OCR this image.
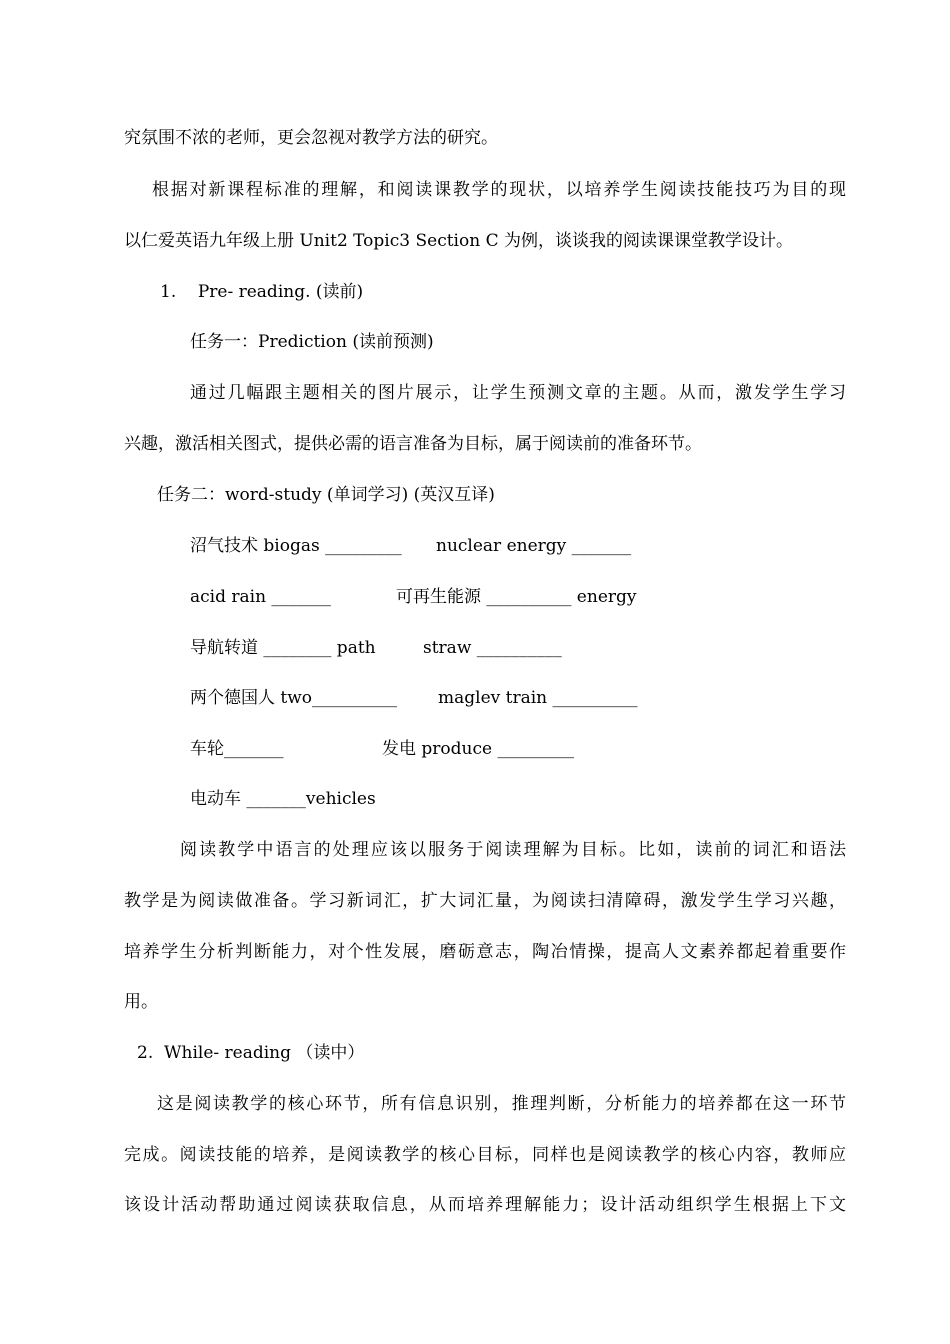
究氛围不浓的老师，更会忽视对教学方法的研究。
根据对新课程标准的理解，和阅读课教学的现状，以培养学生阅读技能技巧为目的现
以仁爱英语九年级上册 Unit2 Topic3 Section C 为例，谈谈我的阅读课课堂教学设计。
1.    Pre- reading. (读前)
任务一：Prediction (读前预测)
通过几幅跟主题相关的图片展示，让学生预测文章的主题。从而，激发学生学习
兴趣，激活相关图式，提供必需的语言准备为目标，属于阅读前的准备环节。
任务二：word-study (单词学习) (英汉互译)
沼气技术 biogas _________ nuclear energy _______
acid rain _______	可再生能源 __________ energy
导航转道 ________ path	straw __________
两个德国人 two__________ maglev train __________
车轮_______	发电 produce _________
电动车 _______vehicles
阅读教学中语言的处理应该以服务于阅读理解为目标。比如，读前的词汇和语法
教学是为阅读做准备。学习新词汇，扩大词汇量，为阅读扫清障碍，激发学生学习兴趣，
培养学生分析判断能力，对个性发展，磨砺意志，陶冶情操，提高人文素养都起着重要作
用。
2.  While- reading （读中）
这是阅读教学的核心环节，所有信息识别，推理判断，分析能力的培养都在这一环节
完成。阅读技能的培养，是阅读教学的核心目标，同样也是阅读教学的核心内容，教师应
该设计活动帮助通过阅读获取信息，从而培养理解能力；设计活动组织学生根据上下文
